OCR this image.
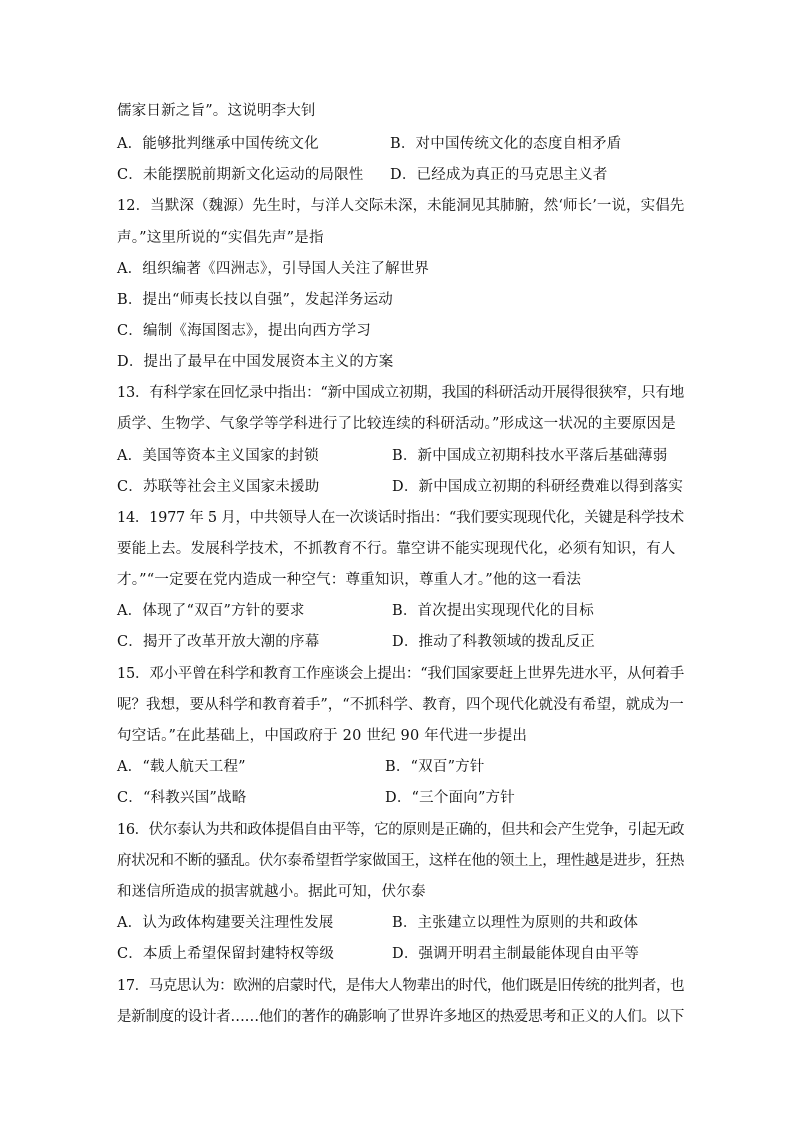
儒家日新之旨”。这说明李大钊
A．能够批判继承中国传统文化	B．对中国传统文化的态度自相矛盾
C．未能摆脱前期新文化运动的局限性 D．已经成为真正的马克思主义者
12．当默深（魏源）先生时，与洋人交际未深，未能洞见其肺腑，然‘师长’一说，实倡先
声。”这里所说的“实倡先声”是指
A．组织编著《四洲志》，引导国人关注了解世界
B．提出“师夷长技以自强”，发起洋务运动
C．编制《海国图志》，提出向西方学习
D．提出了最早在中国发展资本主义的方案
13．有科学家在回忆录中指出：“新中国成立初期，我国的科研活动开展得很狭窄，只有地
质学、生物学、气象学等学科进行了比较连续的科研活动。”形成这一状况的主要原因是
A．美国等资本主义国家的封锁	B．新中国成立初期科技水平落后基础薄弱
C．苏联等社会主义国家未援助	D．新中国成立初期的科研经费难以得到落实
14．1977 年 5 月，中共领导人在一次谈话时指出：“我们要实现现代化，关键是科学技术
要能上去。发展科学技术，不抓教育不行。靠空讲不能实现现代化，必须有知识，有人
才。”“一定要在党内造成一种空气：尊重知识，尊重人才。”他的这一看法
A．体现了“双百”方针的要求	B．首次提出实现现代化的目标
C．揭开了改革开放大潮的序幕	D．推动了科教领域的拨乱反正
15．邓小平曾在科学和教育工作座谈会上提出：“我们国家要赶上世界先进水平，从何着手
呢？我想，要从科学和教育着手”，“不抓科学、教育，四个现代化就没有希望，就成为一
句空话。”在此基础上，中国政府于 20 世纪 90 年代进一步提出
A．“载人航天工程”	B．“双百”方针
C．“科教兴国”战略	D．“三个面向”方针
16．伏尔泰认为共和政体提倡自由平等，它的原则是正确的，但共和会产生党争，引起无政
府状况和不断的骚乱。伏尔泰希望哲学家做国王，这样在他的领土上，理性越是进步，狂热
和迷信所造成的损害就越小。据此可知，伏尔泰
A．认为政体构建要关注理性发展	B．主张建立以理性为原则的共和政体
C．本质上希望保留封建特权等级	D．强调开明君主制最能体现自由平等
17．马克思认为：欧洲的启蒙时代，是伟大人物辈出的时代，他们既是旧传统的批判者，也
是新制度的设计者……他们的著作的确影响了世界许多地区的热爱思考和正义的人们。以下
